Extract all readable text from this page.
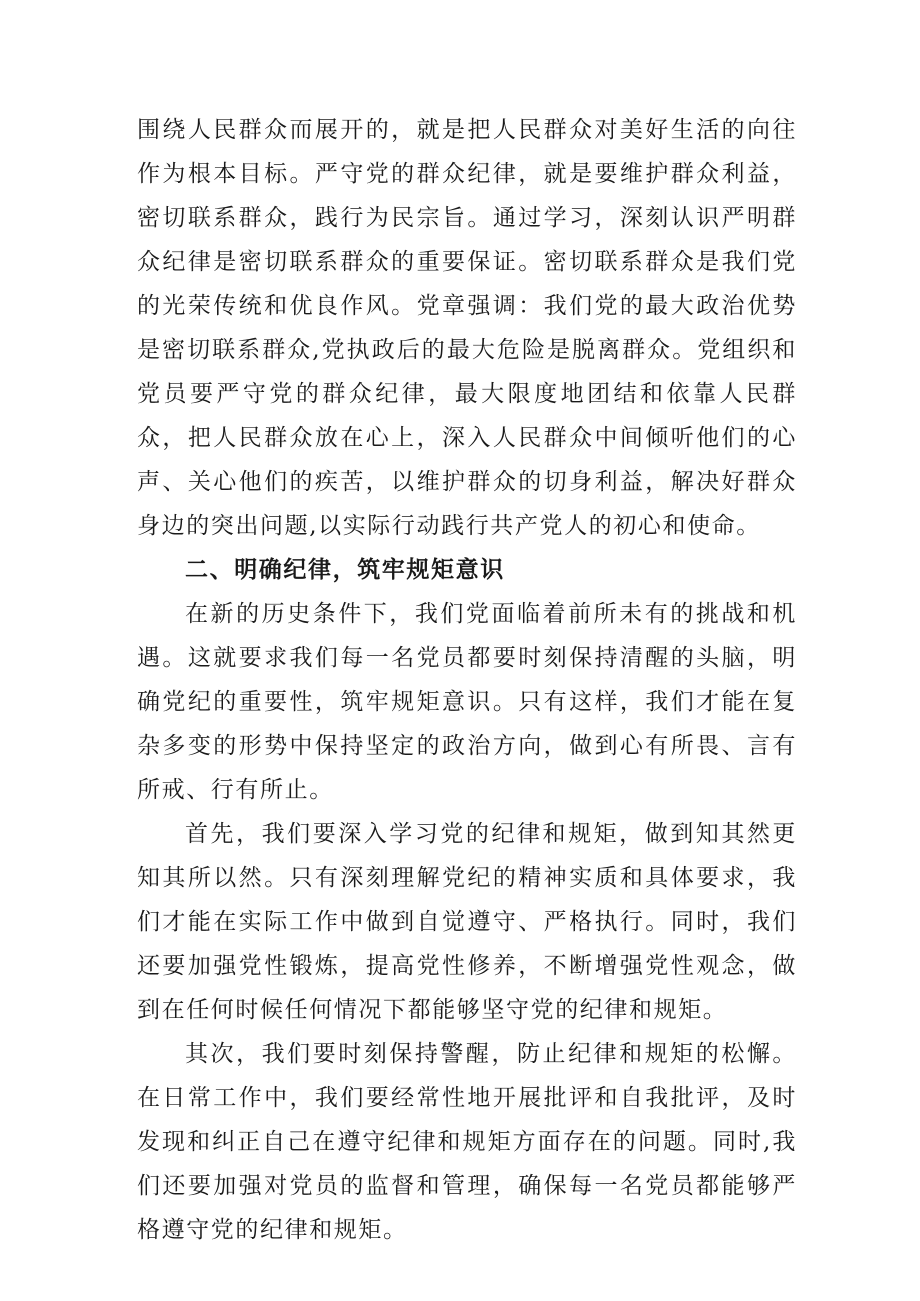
围绕人民群众而展开的，就是把人民群众对美好生活的向往作为根本目标。严守党的群众纪律，就是要维护群众利益，密切联系群众，践行为民宗旨。通过学习，深刻认识严明群众纪律是密切联系群众的重要保证。密切联系群众是我们党的光荣传统和优良作风。党章强调：我们党的最大政治优势是密切联系群众,党执政后的最大危险是脱离群众。党组织和党员要严守党的群众纪律，最大限度地团结和依靠人民群众，把人民群众放在心上，深入人民群众中间倾听他们的心声、关心他们的疾苦，以维护群众的切身利益，解决好群众身边的突出问题,以实际行动践行共产党人的初心和使命。

二、明确纪律，筑牢规矩意识

在新的历史条件下，我们党面临着前所未有的挑战和机遇。这就要求我们每一名党员都要时刻保持清醒的头脑，明确党纪的重要性，筑牢规矩意识。只有这样，我们才能在复杂多变的形势中保持坚定的政治方向，做到心有所畏、言有所戒、行有所止。

首先，我们要深入学习党的纪律和规矩，做到知其然更知其所以然。只有深刻理解党纪的精神实质和具体要求，我们才能在实际工作中做到自觉遵守、严格执行。同时，我们还要加强党性锻炼，提高党性修养，不断增强党性观念，做到在任何时候任何情况下都能够坚守党的纪律和规矩。

其次，我们要时刻保持警醒，防止纪律和规矩的松懈。在日常工作中，我们要经常性地开展批评和自我批评，及时发现和纠正自己在遵守纪律和规矩方面存在的问题。同时,我们还要加强对党员的监督和管理，确保每一名党员都能够严格遵守党的纪律和规矩。
